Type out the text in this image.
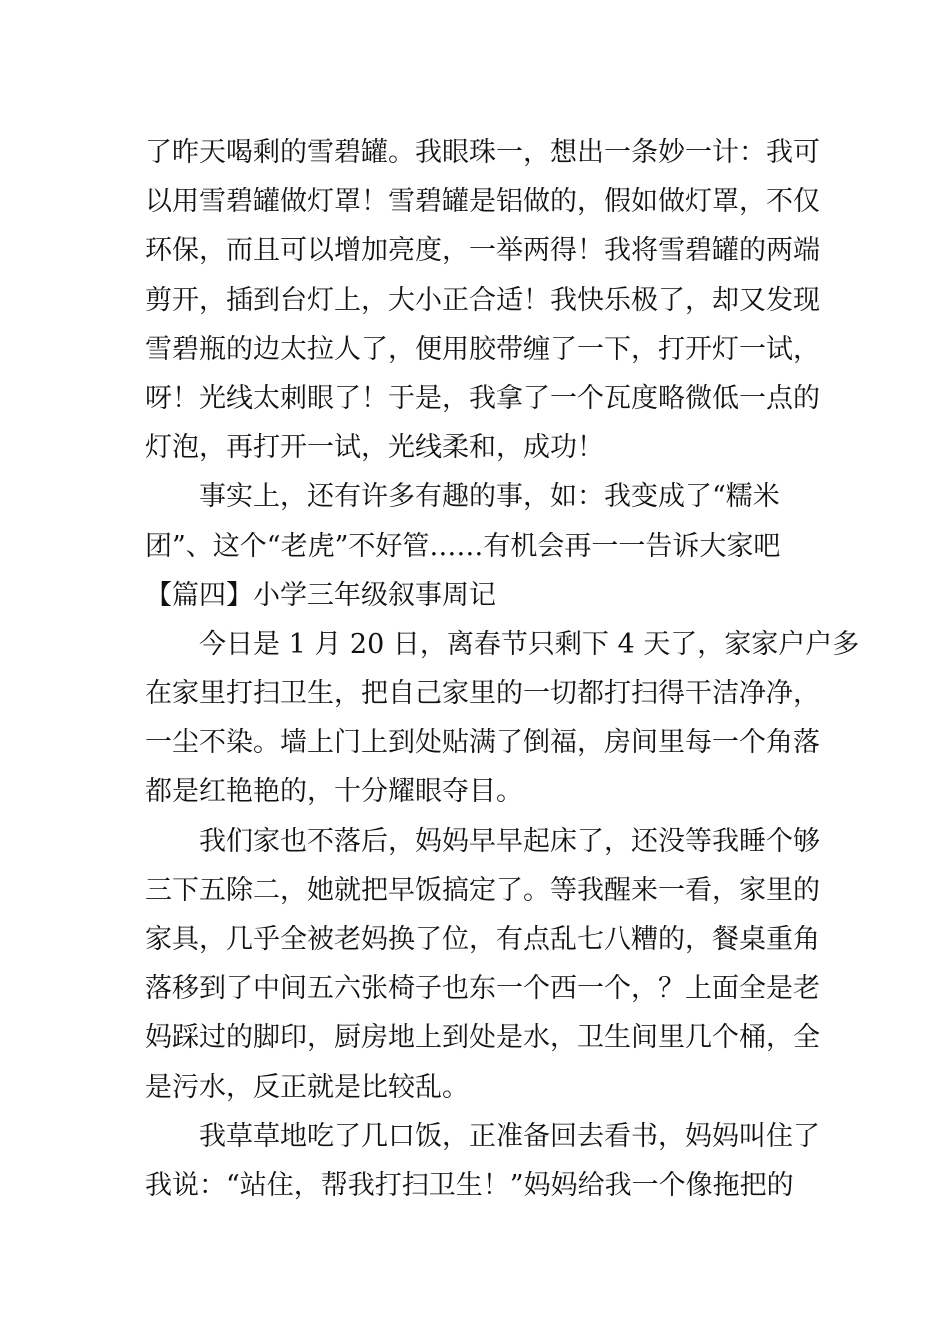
了昨天喝剩的雪碧罐。我眼珠一，想出一条妙一计：我可
以用雪碧罐做灯罩！雪碧罐是铝做的，假如做灯罩，不仅
环保，而且可以增加亮度，一举两得！我将雪碧罐的两端
剪开，插到台灯上，大小正合适！我快乐极了，却又发现
雪碧瓶的边太拉人了，便用胶带缠了一下，打开灯一试，
呀！光线太刺眼了！于是，我拿了一个瓦度略微低一点的
灯泡，再打开一试，光线柔和，成功！
事实上，还有许多有趣的事，如：我变成了“糯米
团”、这个“老虎”不好管……有机会再一一告诉大家吧
【篇四】小学三年级叙事周记
今日是 1 月 20 日，离春节只剩下 4 天了，家家户户多
在家里打扫卫生，把自己家里的一切都打扫得干洁净净，
一尘不染。墙上门上到处贴满了倒福，房间里每一个角落
都是红艳艳的，十分耀眼夺目。
我们家也不落后，妈妈早早起床了，还没等我睡个够
三下五除二，她就把早饭搞定了。等我醒来一看，家里的
家具，几乎全被老妈换了位，有点乱七八糟的，餐桌重角
落移到了中间五六张椅子也东一个西一个，？上面全是老
妈踩过的脚印，厨房地上到处是水，卫生间里几个桶，全
是污水，反正就是比较乱。
我草草地吃了几口饭，正准备回去看书，妈妈叫住了
我说：“站住，帮我打扫卫生！”妈妈给我一个像拖把的
